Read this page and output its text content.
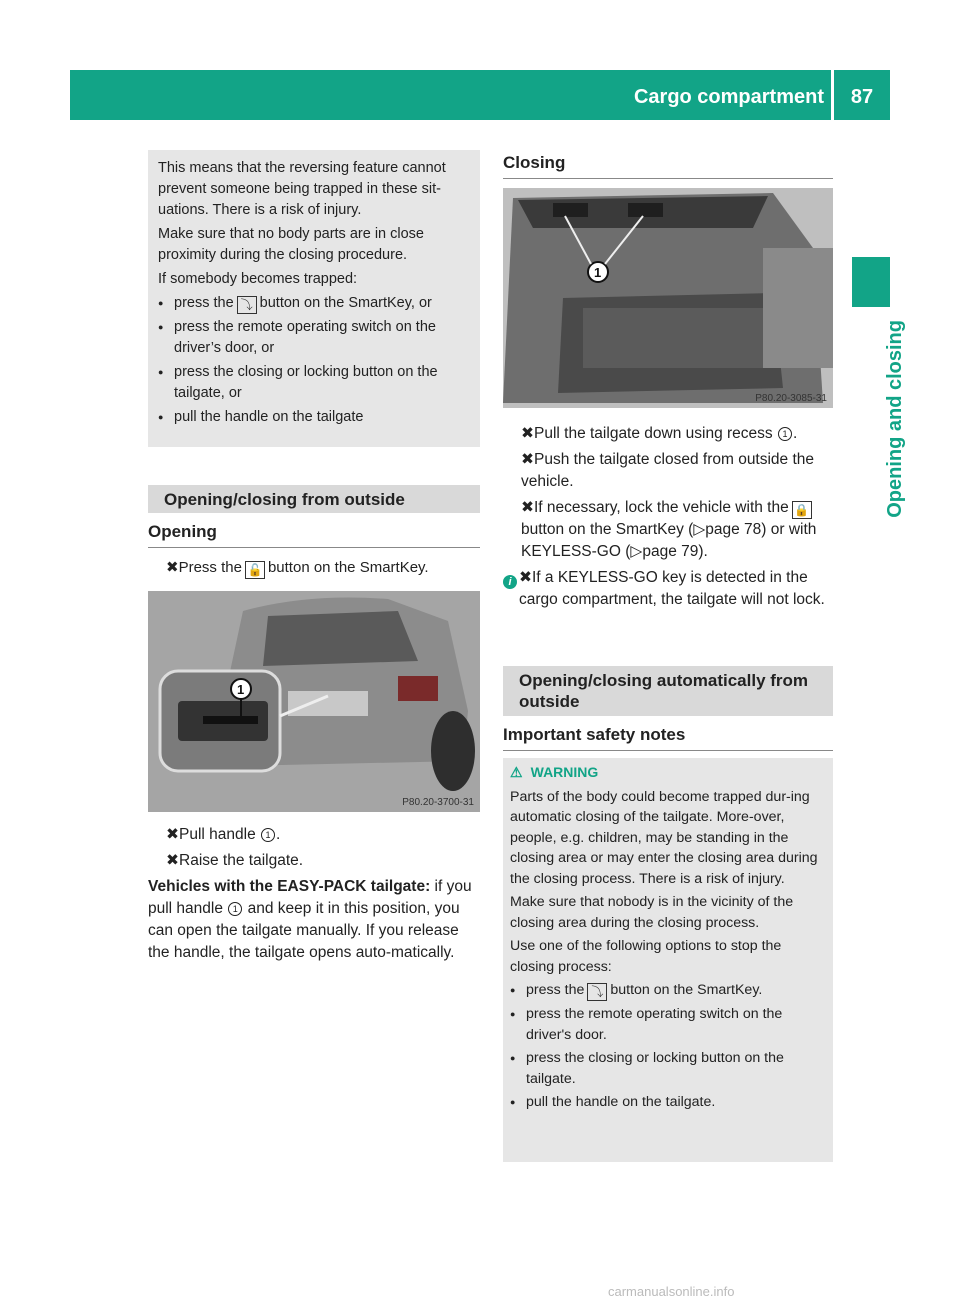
Cargo compartment	87
Opening and closing

This means that the reversing feature cannot prevent someone being trapped in these sit-uations. There is a risk of injury.

Make sure that no body parts are in close proximity during the closing procedure.

If somebody becomes trapped:

● press the ⤵ button on the SmartKey, or
● press the remote operating switch on the driver’s door, or
● press the closing or locking button on the tailgate, or
● pull the handle on the tailgate
Opening/closing from outside
Opening
✖ Press the 🔓 button on the SmartKey.
1
P80.20-3700-31
✖ Pull handle 1 .
✖ Raise the tailgate.
Vehicles with the EASY-PACK tailgate: if you pull handle 1 and keep it in this position, you can open the tailgate manually. If you release the handle, the tailgate opens auto-matically.
Closing
1
P80.20-3085-31
✖ Pull the tailgate down using recess 1 .
✖ Push the tailgate closed from outside the vehicle.
✖ If necessary, lock the vehicle with the 🔒button on the SmartKey (▷page 78) or with KEYLESS-GO (▷page 79).
✖ i	If a KEYLESS-GO key is detected in the cargo compartment, the tailgate will not lock.
Opening/closing automatically from outside
Important safety notes

⚠ WARNING

Parts of the body could become trapped dur-ing automatic closing of the tailgate. More-over, people, e.g. children, may be standing in the closing area or may enter the closing area during the closing process. There is a risk of injury.

Make sure that nobody is in the vicinity of the closing area during the closing process.

Use one of the following options to stop the closing process:

● press the ⤵ button on the SmartKey.
● press the remote operating switch on the driver's door.
● press the closing or locking button on the tailgate.
● pull the handle on the tailgate.
carmanualsonline.info
